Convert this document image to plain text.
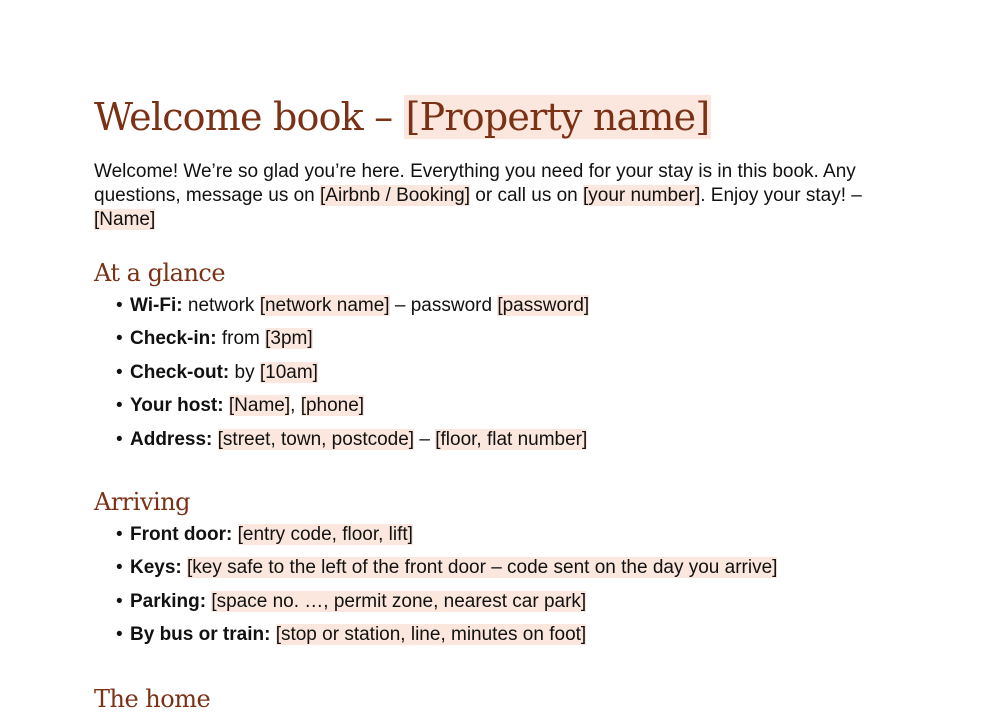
Welcome book – [Property name]

Welcome! We’re so glad you’re here. Everything you need for your stay is in this book. Any questions, message us on [Airbnb / Booking] or call us on [your number]. Enjoy your stay! – [Name]

At a glance
• Wi-Fi: network [network name] – password [password]
• Check-in: from [3pm]
• Check-out: by [10am]
• Your host: [Name], [phone]
• Address: [street, town, postcode] – [floor, flat number]
Arriving
• Front door: [entry code, floor, lift]
• Keys: [key safe to the left of the front door – code sent on the day you arrive]
• Parking: [space no. …, permit zone, nearest car park]
• By bus or train: [stop or station, line, minutes on foot]
The home
